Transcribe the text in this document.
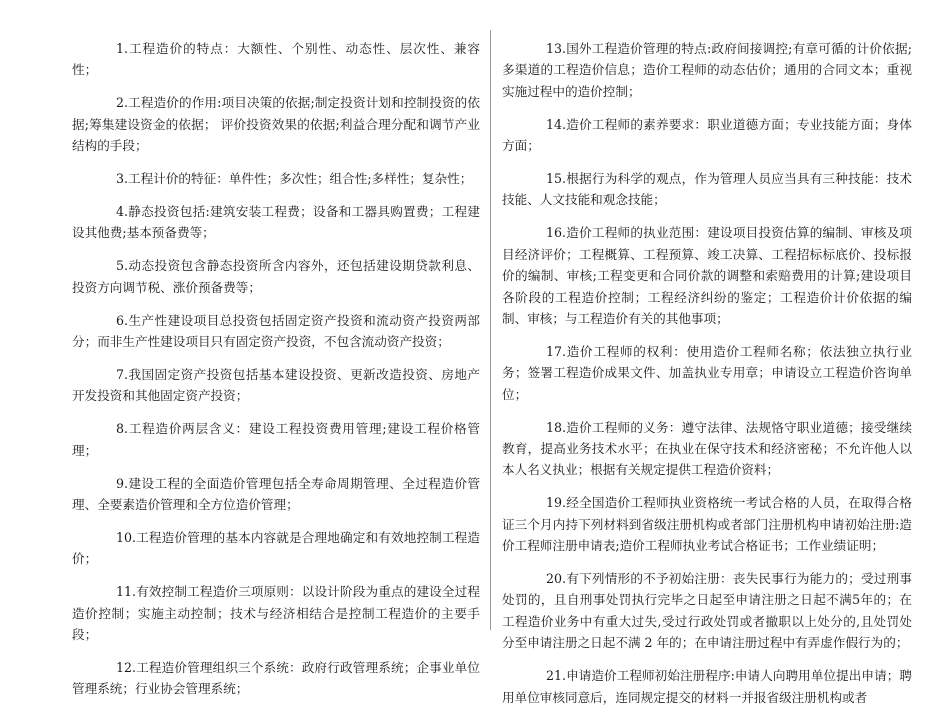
1.工程造价的特点：大额性、个别性、动态性、层次性、兼容性；

2.工程造价的作用:项目决策的依据;制定投资计划和控制投资的依据;筹集建设资金的依据； 评价投资效果的依据;利益合理分配和调节产业结构的手段；

3.工程计价的特征：单件性；多次性；组合性;多样性；复杂性；

4.静态投资包括:建筑安装工程费；设备和工器具购置费；工程建设其他费;基本预备费等；

5.动态投资包含静态投资所含内容外，还包括建设期贷款利息、投资方向调节税、涨价预备费等；

6.生产性建设项目总投资包括固定资产投资和流动资产投资两部分；而非生产性建设项目只有固定资产投资，不包含流动资产投资；

7.我国固定资产投资包括基本建设投资、更新改造投资、房地产开发投资和其他固定资产投资；

8.工程造价两层含义：建设工程投资费用管理;建设工程价格管理；

9.建设工程的全面造价管理包括全寿命周期管理、全过程造价管理、全要素造价管理和全方位造价管理；

10.工程造价管理的基本内容就是合理地确定和有效地控制工程造价；

11.有效控制工程造价三项原则：以设计阶段为重点的建设全过程造价控制；实施主动控制；技术与经济相结合是控制工程造价的主要手段；

12.工程造价管理组织三个系统：政府行政管理系统；企事业单位管理系统；行业协会管理系统；

13.国外工程造价管理的特点:政府间接调控;有章可循的计价依据;多渠道的工程造价信息；造价工程师的动态估价；通用的合同文本；重视实施过程中的造价控制；

14.造价工程师的素养要求：职业道德方面；专业技能方面；身体方面；

15.根据行为科学的观点，作为管理人员应当具有三种技能：技术技能、人文技能和观念技能；

16.造价工程师的执业范围：建设项目投资估算的编制、审核及项目经济评价；工程概算、工程预算、竣工决算、工程招标标底价、投标报价的编制、审核;工程变更和合同价款的调整和索赔费用的计算;建设项目各阶段的工程造价控制；工程经济纠纷的鉴定；工程造价计价依据的编制、审核；与工程造价有关的其他事项；

17.造价工程师的权利：使用造价工程师名称；依法独立执行业务；签署工程造价成果文件、加盖执业专用章；申请设立工程造价咨询单位；

18.造价工程师的义务：遵守法律、法规恪守职业道德；接受继续教育，提高业务技术水平；在执业在保守技术和经济密秘；不允许他人以本人名义执业；根据有关规定提供工程造价资料；

19.经全国造价工程师执业资格统一考试合格的人员，在取得合格证三个月内持下列材料到省级注册机构或者部门注册机构申请初始注册:造价工程师注册申请表;造价工程师执业考试合格证书；工作业绩证明；

20.有下列情形的不予初始注册：丧失民事行为能力的；受过刑事处罚的，且自刑事处罚执行完毕之日起至申请注册之日起不满5年的；在工程造价业务中有重大过失,受过行政处罚或者撤职以上处分的,且处罚处分至申请注册之日起不满 2 年的；在申请注册过程中有弄虚作假行为的；

21.申请造价工程师初始注册程序:申请人向聘用单位提出申请；聘用单位审核同意后，连同规定提交的材料一并报省级注册机构或者
